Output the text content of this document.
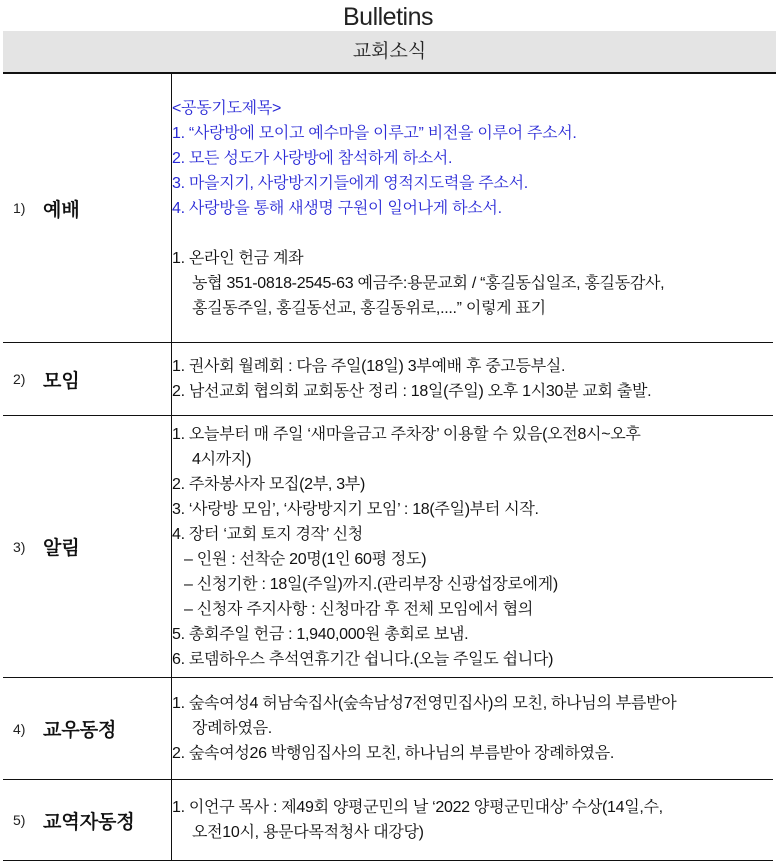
Bulletins
교회소식
1) 예배

<공동기도제목>
1. “사랑방에 모이고 예수마을 이루고” 비전을 이루어 주소서.
2. 모든 성도가 사랑방에 참석하게 하소서.
3. 마을지기, 사랑방지기들에게 영적지도력을 주소서.
4. 사랑방을 통해 새생명 구원이 일어나게 하소서.
1. 온라인 헌금 계좌
농협 351-0818-2545-63 예금주:용문교회 / “홍길동십일조, 홍길동감사,
홍길동주일, 홍길동선교, 홍길동위로,....” 이렇게 표기

2) 모임

1. 권사회 월례회 : 다음 주일(18일) 3부예배 후 중고등부실.
2. 남선교회 협의회 교회동산 정리 : 18일(주일) 오후 1시30분 교회 출발.

3) 알림

1. 오늘부터 매 주일 ‘새마을금고 주차장’ 이용할 수 있음(오전8시~오후
4시까지)
2. 주차봉사자 모집(2부, 3부)
3. ‘사랑방 모임’, ‘사랑방지기 모임’ : 18(주일)부터 시작.
4. 장터 ‘교회 토지 경작’ 신청
– 인원 : 선착순 20명(1인 60평 정도)
– 신청기한 : 18일(주일)까지.(관리부장 신광섭장로에게)
– 신청자 주지사항 : 신청마감 후 전체 모임에서 협의
5. 총회주일 헌금 : 1,940,000원 총회로 보냄.
6. 로뎀하우스 추석연휴기간 쉽니다.(오늘 주일도 쉽니다)

4) 교우동정

1. 숲속여성4 허남숙집사(숲속남성7전영민집사)의 모친, 하나님의 부름받아
장례하였음.
2. 숲속여성26 박행임집사의 모친, 하나님의 부름받아 장례하였음.

5) 교역자동정

1. 이언구 목사 : 제49회 양평군민의 날 ‘2022 양평군민대상’ 수상(14일,수,
오전10시, 용문다목적청사 대강당)
